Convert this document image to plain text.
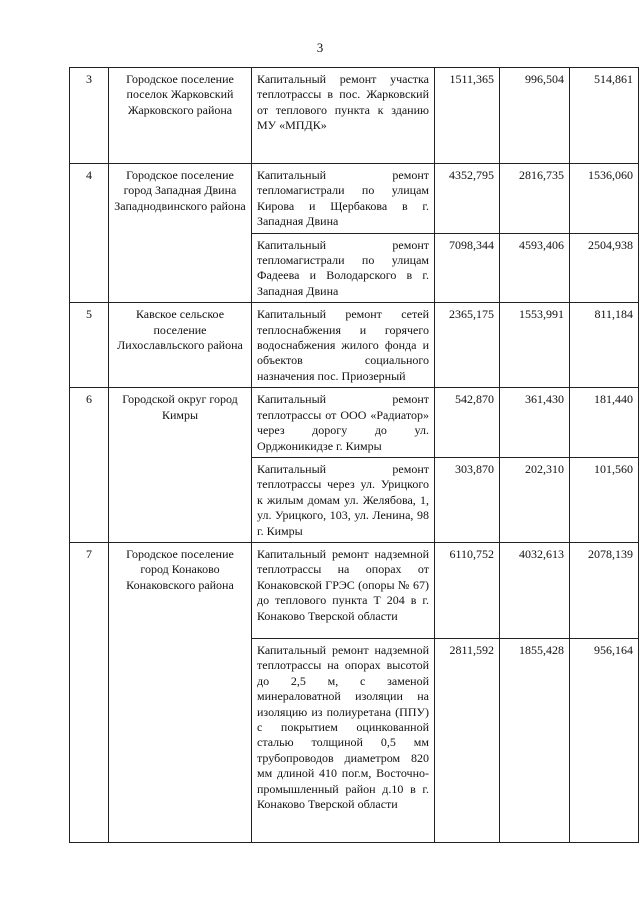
3
3	Городское поселение поселок Жарковский Жарковского района	Капитальный ремонт участка теплотрассы в пос. Жарковский от теплового пункта к зданию МУ «МПДК»	1511,365	996,504	514,861
4	Городское поселение город Западная Двина Западнодвинского района	Капитальный ремонт тепломагистрали по улицам Кирова и Щербакова в г. Западная Двина	4352,795	2816,735	1536,060
		Капитальный ремонт тепломагистрали по улицам Фадеева и Володарского в г. Западная Двина	7098,344	4593,406	2504,938
5	Кавское сельское поселение Лихославльского района	Капитальный ремонт сетей теплоснабжения и горячего водоснабжения жилого фонда и объектов социального назначения пос. Приозерный	2365,175	1553,991	811,184
6	Городской округ город Кимры	Капитальный ремонт теплотрассы от ООО «Радиатор» через дорогу до ул. Орджоникидзе г. Кимры	542,870	361,430	181,440
		Капитальный ремонт теплотрассы через ул. Урицкого к жилым домам ул. Желябова, 1, ул. Урицкого, 103, ул. Ленина, 98 г. Кимры	303,870	202,310	101,560
7	Городское поселение город Конаково Конаковского района	Капитальный ремонт надземной теплотрассы на опорах от Конаковской ГРЭС (опоры № 67) до теплового пункта Т 204 в г. Конаково Тверской области	6110,752	4032,613	2078,139
		Капитальный ремонт надземной теплотрассы на опорах высотой до 2,5 м, с заменой минераловатной изоляции на изоляцию из полиуретана (ППУ) с покрытием оцинкованной сталью толщиной 0,5 мм трубопроводов диаметром 820 мм длиной 410 пог.м, Восточно-промышленный район д.10 в г. Конаково Тверской области	2811,592	1855,428	956,164
